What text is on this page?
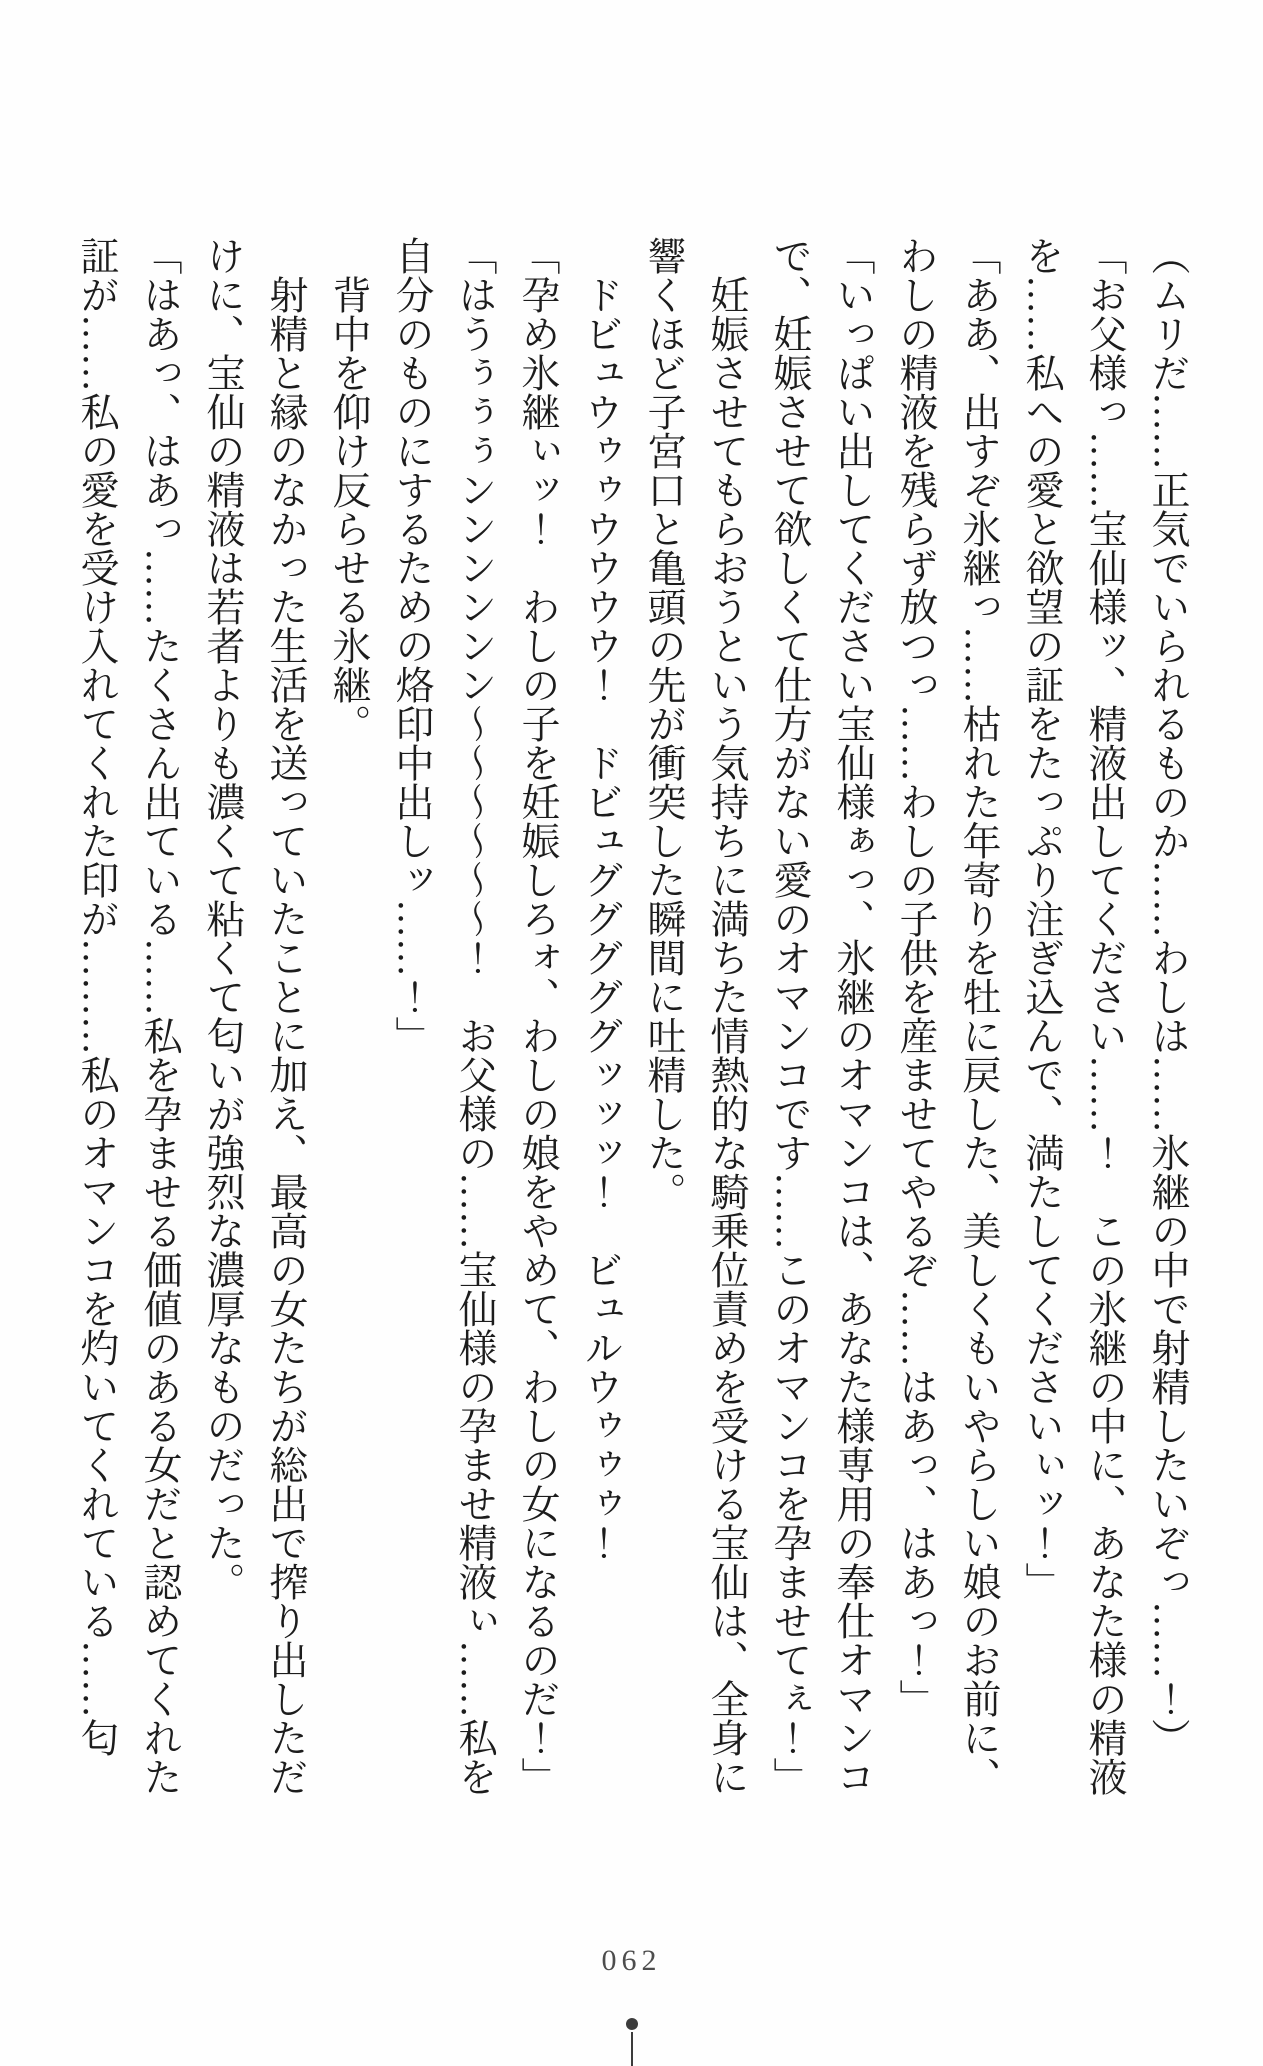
（ムリだ……正気でいられるものか……わしは……氷継の中で射精したいぞっ……！）

「お父様っ……宝仙様ッ、精液出してください……！　この氷継の中に、あなた様の精液を……私への愛と欲望の証をたっぷり注ぎ込んで、満たしてくださいぃッ！」

「ああ、出すぞ氷継っ……枯れた年寄りを牡に戻した、美しくもいやらしい娘のお前に、わしの精液を残らず放つっ……わしの子供を産ませてやるぞ……はあっ、はあっ！」

「いっぱい出してください宝仙様ぁっ、氷継のオマンコは、あなた様専用の奉仕オマンコで、妊娠させて欲しくて仕方がない愛のオマンコです……このオマンコを孕ませてぇ！」

妊娠させてもらおうという気持ちに満ちた情熱的な騎乗位責めを受ける宝仙は、全身に響くほど子宮口と亀頭の先が衝突した瞬間に吐精した。

ドビュウゥゥウウウウ！　ドビュグググググッッッ！　ビュルウゥゥゥ！

「孕め氷継ぃッ！　わしの子を妊娠しろォ、わしの娘をやめて、わしの女になるのだ！」

「はうぅぅぅンンンンンン〜〜〜〜〜〜！　お父様の……宝仙様の孕ませ精液ぃ……私を自分のものにするための烙印中出しッ……！」

背中を仰け反らせる氷継。

射精と縁のなかった生活を送っていたことに加え、最高の女たちが総出で搾り出しただけに、宝仙の精液は若者よりも濃くて粘くて匂いが強烈な濃厚なものだった。

「はあっ、はあっ……たくさん出ている……私を孕ませる価値のある女だと認めてくれた証が……私の愛を受け入れてくれた印が………私のオマンコを灼いてくれている……匂

062
